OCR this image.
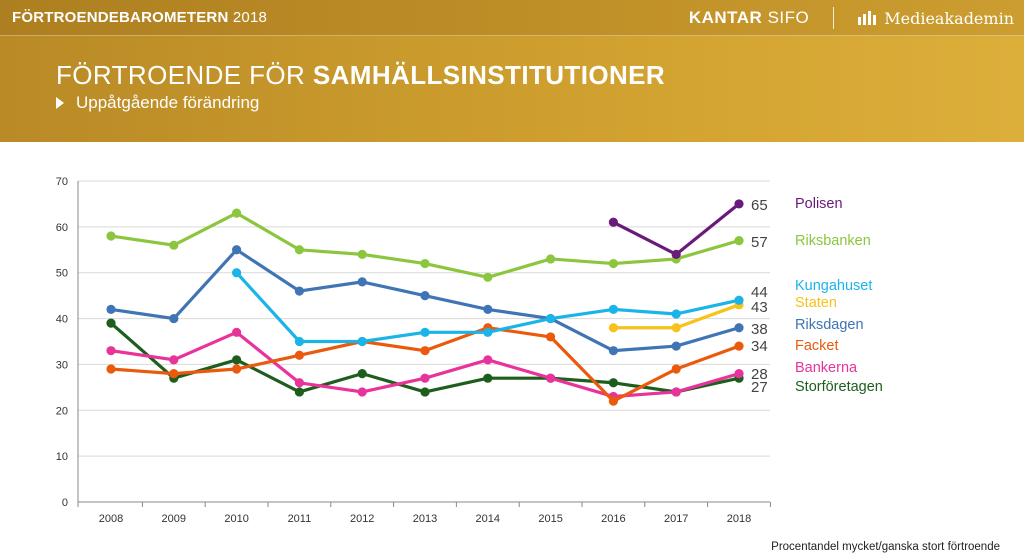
FÖRTROENDEBAROMETERN 2018	KANTAR SIFO	Medieakademin
FÖRTROENDE FÖR SAMHÄLLSINSTITUTIONER
Uppåtgående förändring
0
10
20
30
40
50
60
70
2008	2009	2010	2011	2012	2013	2014	2015	2016	2017	2018
65 Polisen
57 Riksbanken
44 Kungahuset
43 Staten
38 Riksdagen
34 Facket
28 Bankerna
27 Storföretagen
Procentandel mycket/ganska stort förtroende
